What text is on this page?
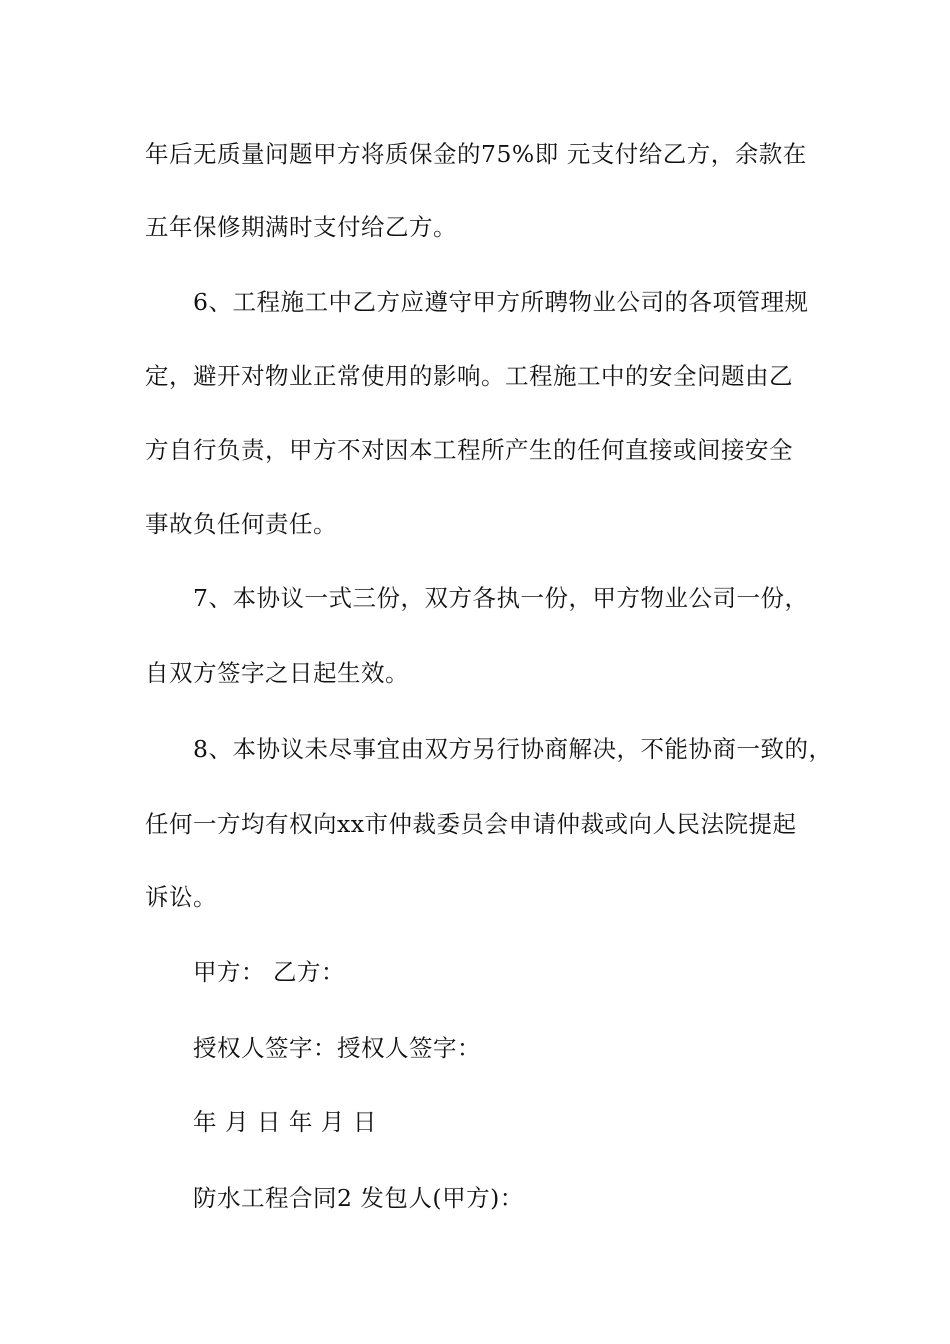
年后无质量问题甲方将质保金的75%即 元支付给乙方，余款在
五年保修期满时支付给乙方。
6、工程施工中乙方应遵守甲方所聘物业公司的各项管理规
定，避开对物业正常使用的影响。工程施工中的安全问题由乙
方自行负责，甲方不对因本工程所产生的任何直接或间接安全
事故负任何责任。
7、本协议一式三份，双方各执一份，甲方物业公司一份，
自双方签字之日起生效。
8、本协议未尽事宜由双方另行协商解决，不能协商一致的，
任何一方均有权向xx市仲裁委员会申请仲裁或向人民法院提起
诉讼。
甲方： 乙方：
授权人签字：授权人签字：
年 月 日 年 月 日
防水工程合同2 发包人(甲方)：
